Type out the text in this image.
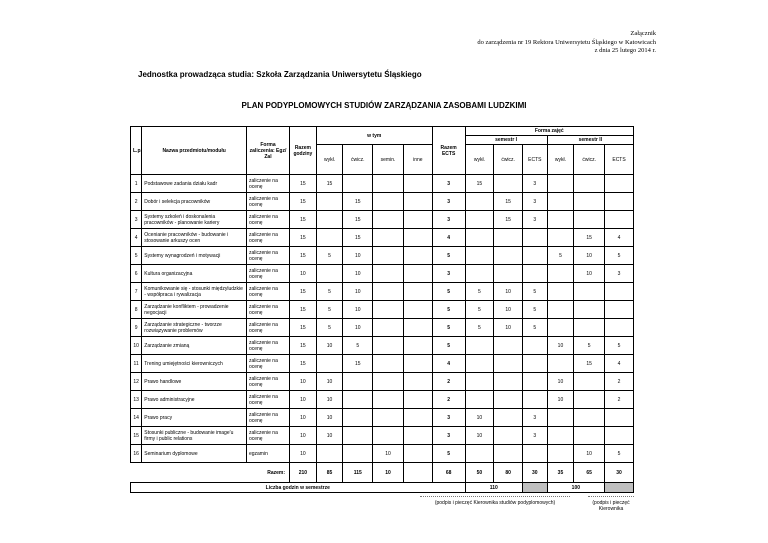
Załącznik
do zarządzenia nr 19 Rektora Uniwersytetu Śląskiego w Katowicach
z dnia 25 lutego 2014 r.
Jednostka prowadząca studia: Szkoła Zarządzania Uniwersytetu Śląskiego
PLAN PODYPLOMOWYCH STUDIÓW ZARZĄDZANIA ZASOBAMI LUDZKIMI
L.p.	Nazwa przedmiotu/modułu	Forma zaliczenia: Egz/ Zal	Razem godziny	w tym				Razem ECTS	Forma zajęć					
									semestr I			semestr II		
				wykł.	ćwicz.	semin.	inne		wykł.	ćwicz.	ECTS	wykł.	ćwicz.	ECTS
1	Podstawowe zadania działu kadr	zaliczenie na ocenę	15	15				3	15		3			
2	Dobór i selekcja pracowników	zaliczenie na ocenę	15		15			3		15	3			
3	Systemy szkoleń i doskonalenia pracowników - planowanie kariery	zaliczenie na ocenę	15		15			3		15	3			
4	Ocenianie pracowników - budowanie i stosowanie arkuszy ocen	zaliczenie na ocenę	15		15			4					15	4
5	Systemy wynagrodzeń i motywacji	zaliczenie na ocenę	15	5	10			5				5	10	5
6	Kultura organizacyjna	zaliczenie na ocenę	10		10			3					10	3
7	Komunikowanie się - stosunki międzyludzkie - współpraca i rywalizacja	zaliczenie na ocenę	15	5	10			5	5	10	5			
8	Zarządzanie konfliktem - prowadzenie negocjacji	zaliczenie na ocenę	15	5	10			5	5	10	5			
9	Zarządzanie strategiczne - tworzze rozwiązywanie problemów	zaliczenie na ocenę	15	5	10			5	5	10	5			
10	Zarządzanie zmianą	zaliczenie na ocenę	15	10	5			5				10	5	5
11	Trening umiejętności kierowniczych	zaliczenie na ocenę	15		15			4					15	4
12	Prawo handlowe	zaliczenie na ocenę	10	10				2				10		2
13	Prawo administracyjne	zaliczenie na ocenę	10	10				2				10		2
14	Prawo pracy	zaliczenie na ocenę	10	10				3	10		3			
15	Stosunki publiczne - budowanie image'u firmy i public relations	zaliczenie na ocenę	10	10				3	10		3			
16	Seminarium dyplomowe	egzamin	10			10		5					10	5
Razem:			210	85	115	10		68	50	80	30	35	65	30
Liczba godzin w semestrze									110			100		
(podpis i pieczęć Kierownika studiów podyplomowych)	(podpis i pieczęć Kierownika
